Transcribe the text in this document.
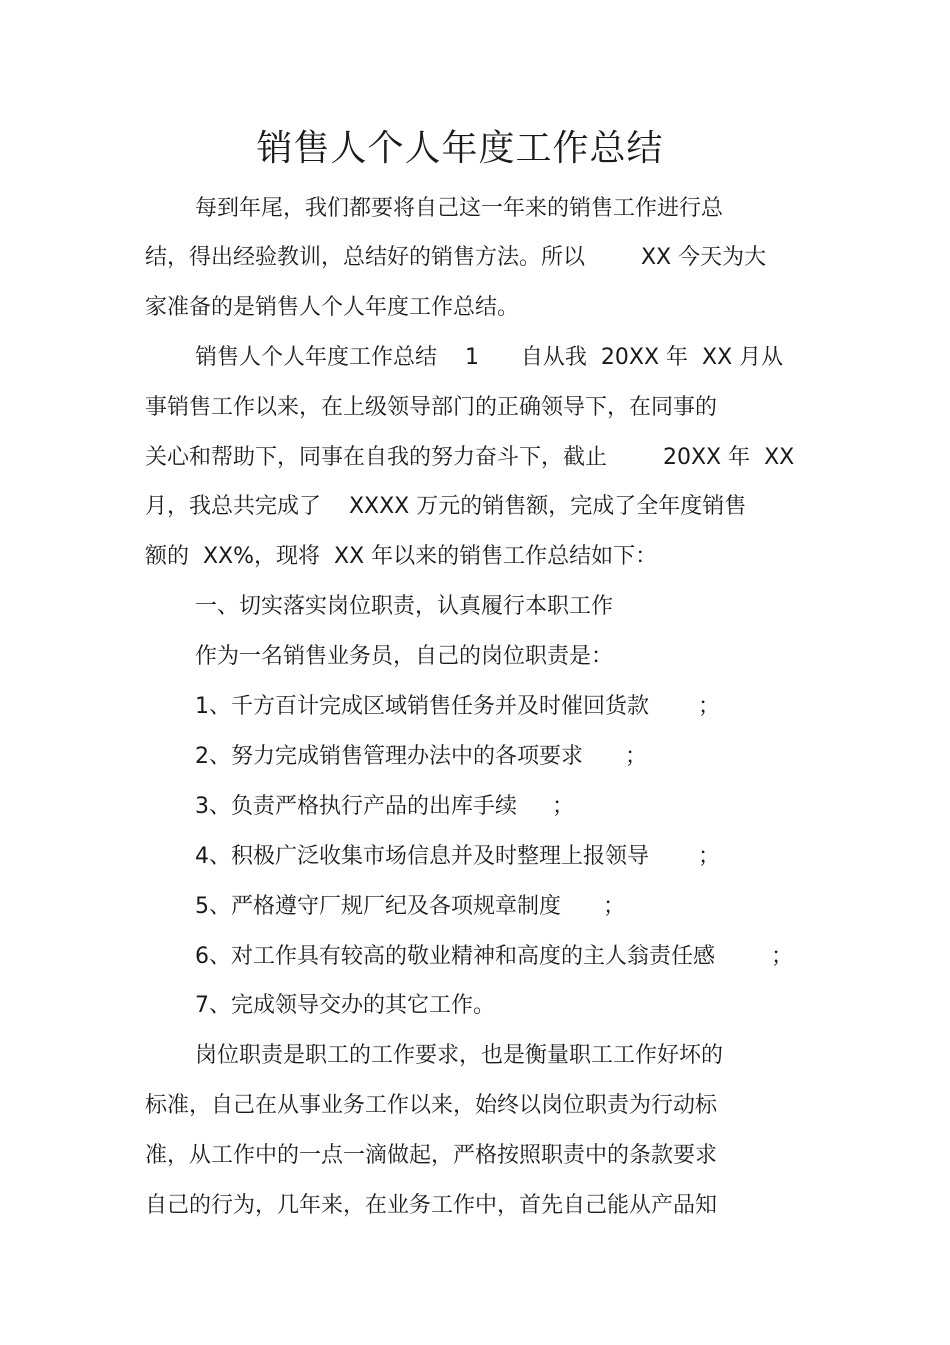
销售人个人年度工作总结
每到年尾，我们都要将自己这一年来的销售工作进行总
结，得出经验教训，总结好的销售方法。所以        XX 今天为大
家准备的是销售人个人年度工作总结。
销售人个人年度工作总结    1      自从我  20XX 年  XX 月从
事销售工作以来，在上级领导部门的正确领导下，在同事的
关心和帮助下，同事在自我的努力奋斗下，截止        20XX 年  XX
月，我总共完成了    XXXX 万元的销售额，完成了全年度销售
额的  XX%，现将  XX 年以来的销售工作总结如下：
一、切实落实岗位职责，认真履行本职工作
作为一名销售业务员，自己的岗位职责是：
1、千方百计完成区域销售任务并及时催回货款       ；
2、努力完成销售管理办法中的各项要求      ；
3、负责严格执行产品的出库手续     ；
4、积极广泛收集市场信息并及时整理上报领导       ；
5、严格遵守厂规厂纪及各项规章制度      ；
6、对工作具有较高的敬业精神和高度的主人翁责任感        ；
7、完成领导交办的其它工作。
岗位职责是职工的工作要求，也是衡量职工工作好坏的
标准，自己在从事业务工作以来，始终以岗位职责为行动标
准，从工作中的一点一滴做起，严格按照职责中的条款要求
自己的行为，几年来，在业务工作中，首先自己能从产品知
